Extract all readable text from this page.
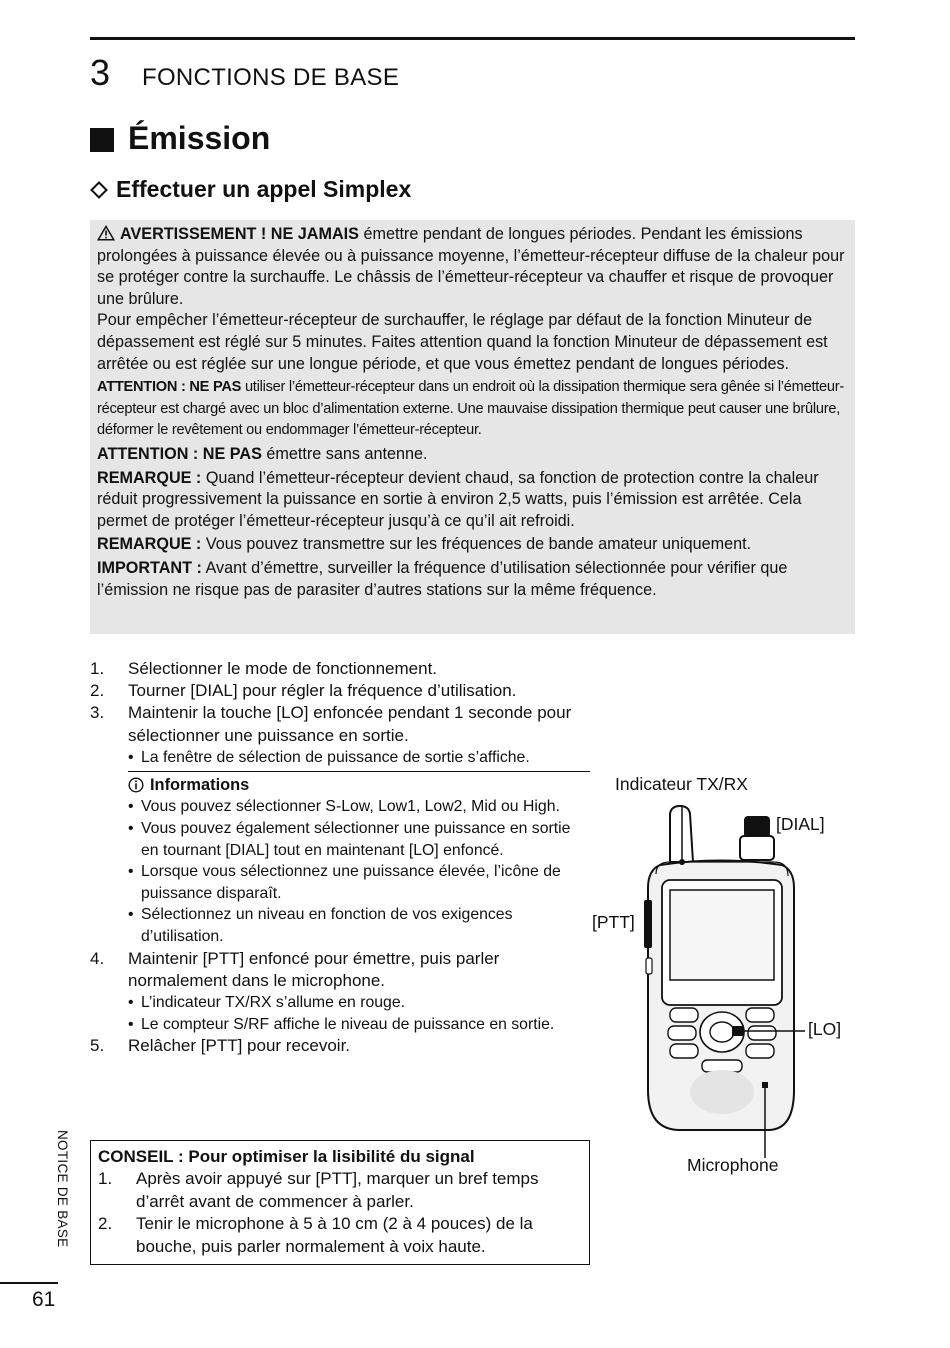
3	FONCTIONS DE BASE
Émission
Effectuer un appel Simplex

AVERTISSEMENT ! NE JAMAIS émettre pendant de longues périodes. Pendant les émissions prolongées à puissance élevée ou à puissance moyenne, l’émetteur-récepteur diffuse de la chaleur pour se protéger contre la surchauffe. Le châssis de l’émetteur-récepteur va chauffer et risque de provoquer une brûlure.

Pour empêcher l’émetteur-récepteur de surchauffer, le réglage par défaut de la fonction Minuteur de dépassement est réglé sur 5 minutes. Faites attention quand la fonction Minuteur de dépassement est arrêtée ou est réglée sur une longue période, et que vous émettez pendant de longues périodes.

ATTENTION : NE PAS utiliser l’émetteur-récepteur dans un endroit où la dissipation thermique sera gênée si l’émetteur-récepteur est chargé avec un bloc d’alimentation externe. Une mauvaise dissipation thermique peut causer une brûlure, déformer le revêtement ou endommager l’émetteur-récepteur.

ATTENTION : NE PAS émettre sans antenne.

REMARQUE : Quand l’émetteur-récepteur devient chaud, sa fonction de protection contre la chaleur réduit progressivement la puissance en sortie à environ 2,5 watts, puis l’émission est arrêtée. Cela permet de protéger l’émetteur-récepteur jusqu’à ce qu’il ait refroidi.

REMARQUE : Vous pouvez transmettre sur les fréquences de bande amateur uniquement.

IMPORTANT : Avant d’émettre, surveiller la fréquence d’utilisation sélectionnée pour vérifier que l’émission ne risque pas de parasiter d’autres stations sur la même fréquence.

1.	Sélectionner le mode de fonctionnement.
2.	Tourner [DIAL] pour régler la fréquence d’utilisation.
3.	Maintenir la touche [LO] enfoncée pendant 1 seconde pour sélectionner une puissance en sortie.
• La fenêtre de sélection de puissance de sortie s’affiche.
Informations
• Vous pouvez sélectionner S-Low, Low1, Low2, Mid ou High.
• Vous pouvez également sélectionner une puissance en sortie en tournant [DIAL] tout en maintenant [LO] enfoncé.
• Lorsque vous sélectionnez une puissance élevée, l’icône de puissance disparaît.
• Sélectionnez un niveau en fonction de vos exigences d’utilisation.
4.	Maintenir [PTT] enfoncé pour émettre, puis parler normalement dans le microphone.
• L’indicateur TX/RX s’allume en rouge.
• Le compteur S/RF affiche le niveau de puissance en sortie.
5.	Relâcher [PTT] pour recevoir.
CONSEIL : Pour optimiser la lisibilité du signal
1.	Après avoir appuyé sur [PTT], marquer un bref temps d’arrêt avant de commencer à parler.
2.	Tenir le microphone à 5 à 10 cm (2 à 4 pouces) de la bouche, puis parler normalement à voix haute.
Indicateur TX/RX
[DIAL]
[PTT]
[LO]
Microphone
NOTICE DE BASE
61
